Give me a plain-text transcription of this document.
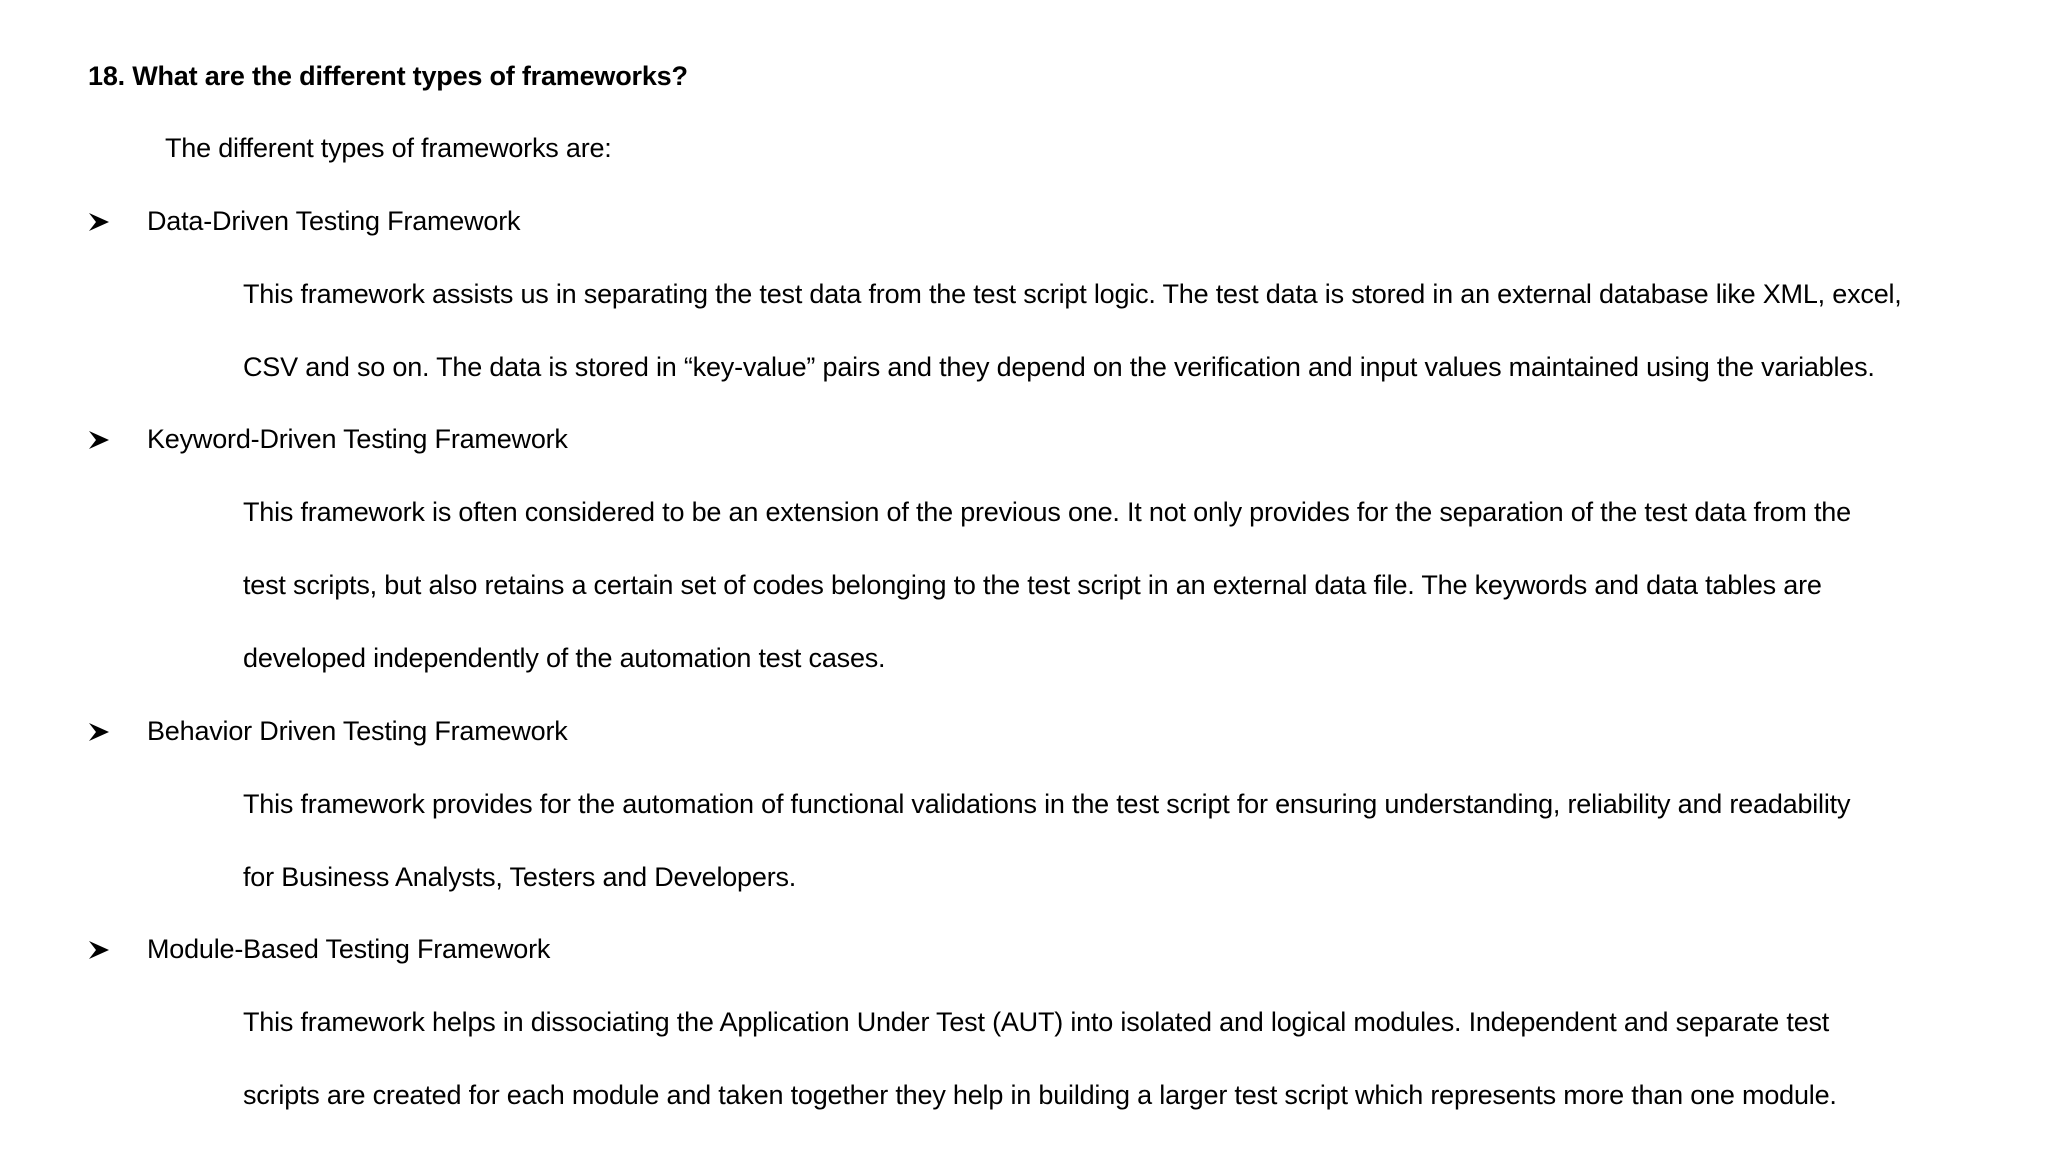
18. What are the different types of frameworks?
The different types of frameworks are:
Data-Driven Testing Framework
This framework assists us in separating the test data from the test script logic. The test data is stored in an external database like XML, excel,
CSV and so on. The data is stored in “key-value” pairs and they depend on the verification and input values maintained using the variables.
Keyword-Driven Testing Framework
This framework is often considered to be an extension of the previous one. It not only provides for the separation of the test data from the
test scripts, but also retains a certain set of codes belonging to the test script in an external data file. The keywords and data tables are
developed independently of the automation test cases.
Behavior Driven Testing Framework
This framework provides for the automation of functional validations in the test script for ensuring understanding, reliability and readability
for Business Analysts, Testers and Developers.
Module-Based Testing Framework
This framework helps in dissociating the Application Under Test (AUT) into isolated and logical modules. Independent and separate test
scripts are created for each module and taken together they help in building a larger test script which represents more than one module.
